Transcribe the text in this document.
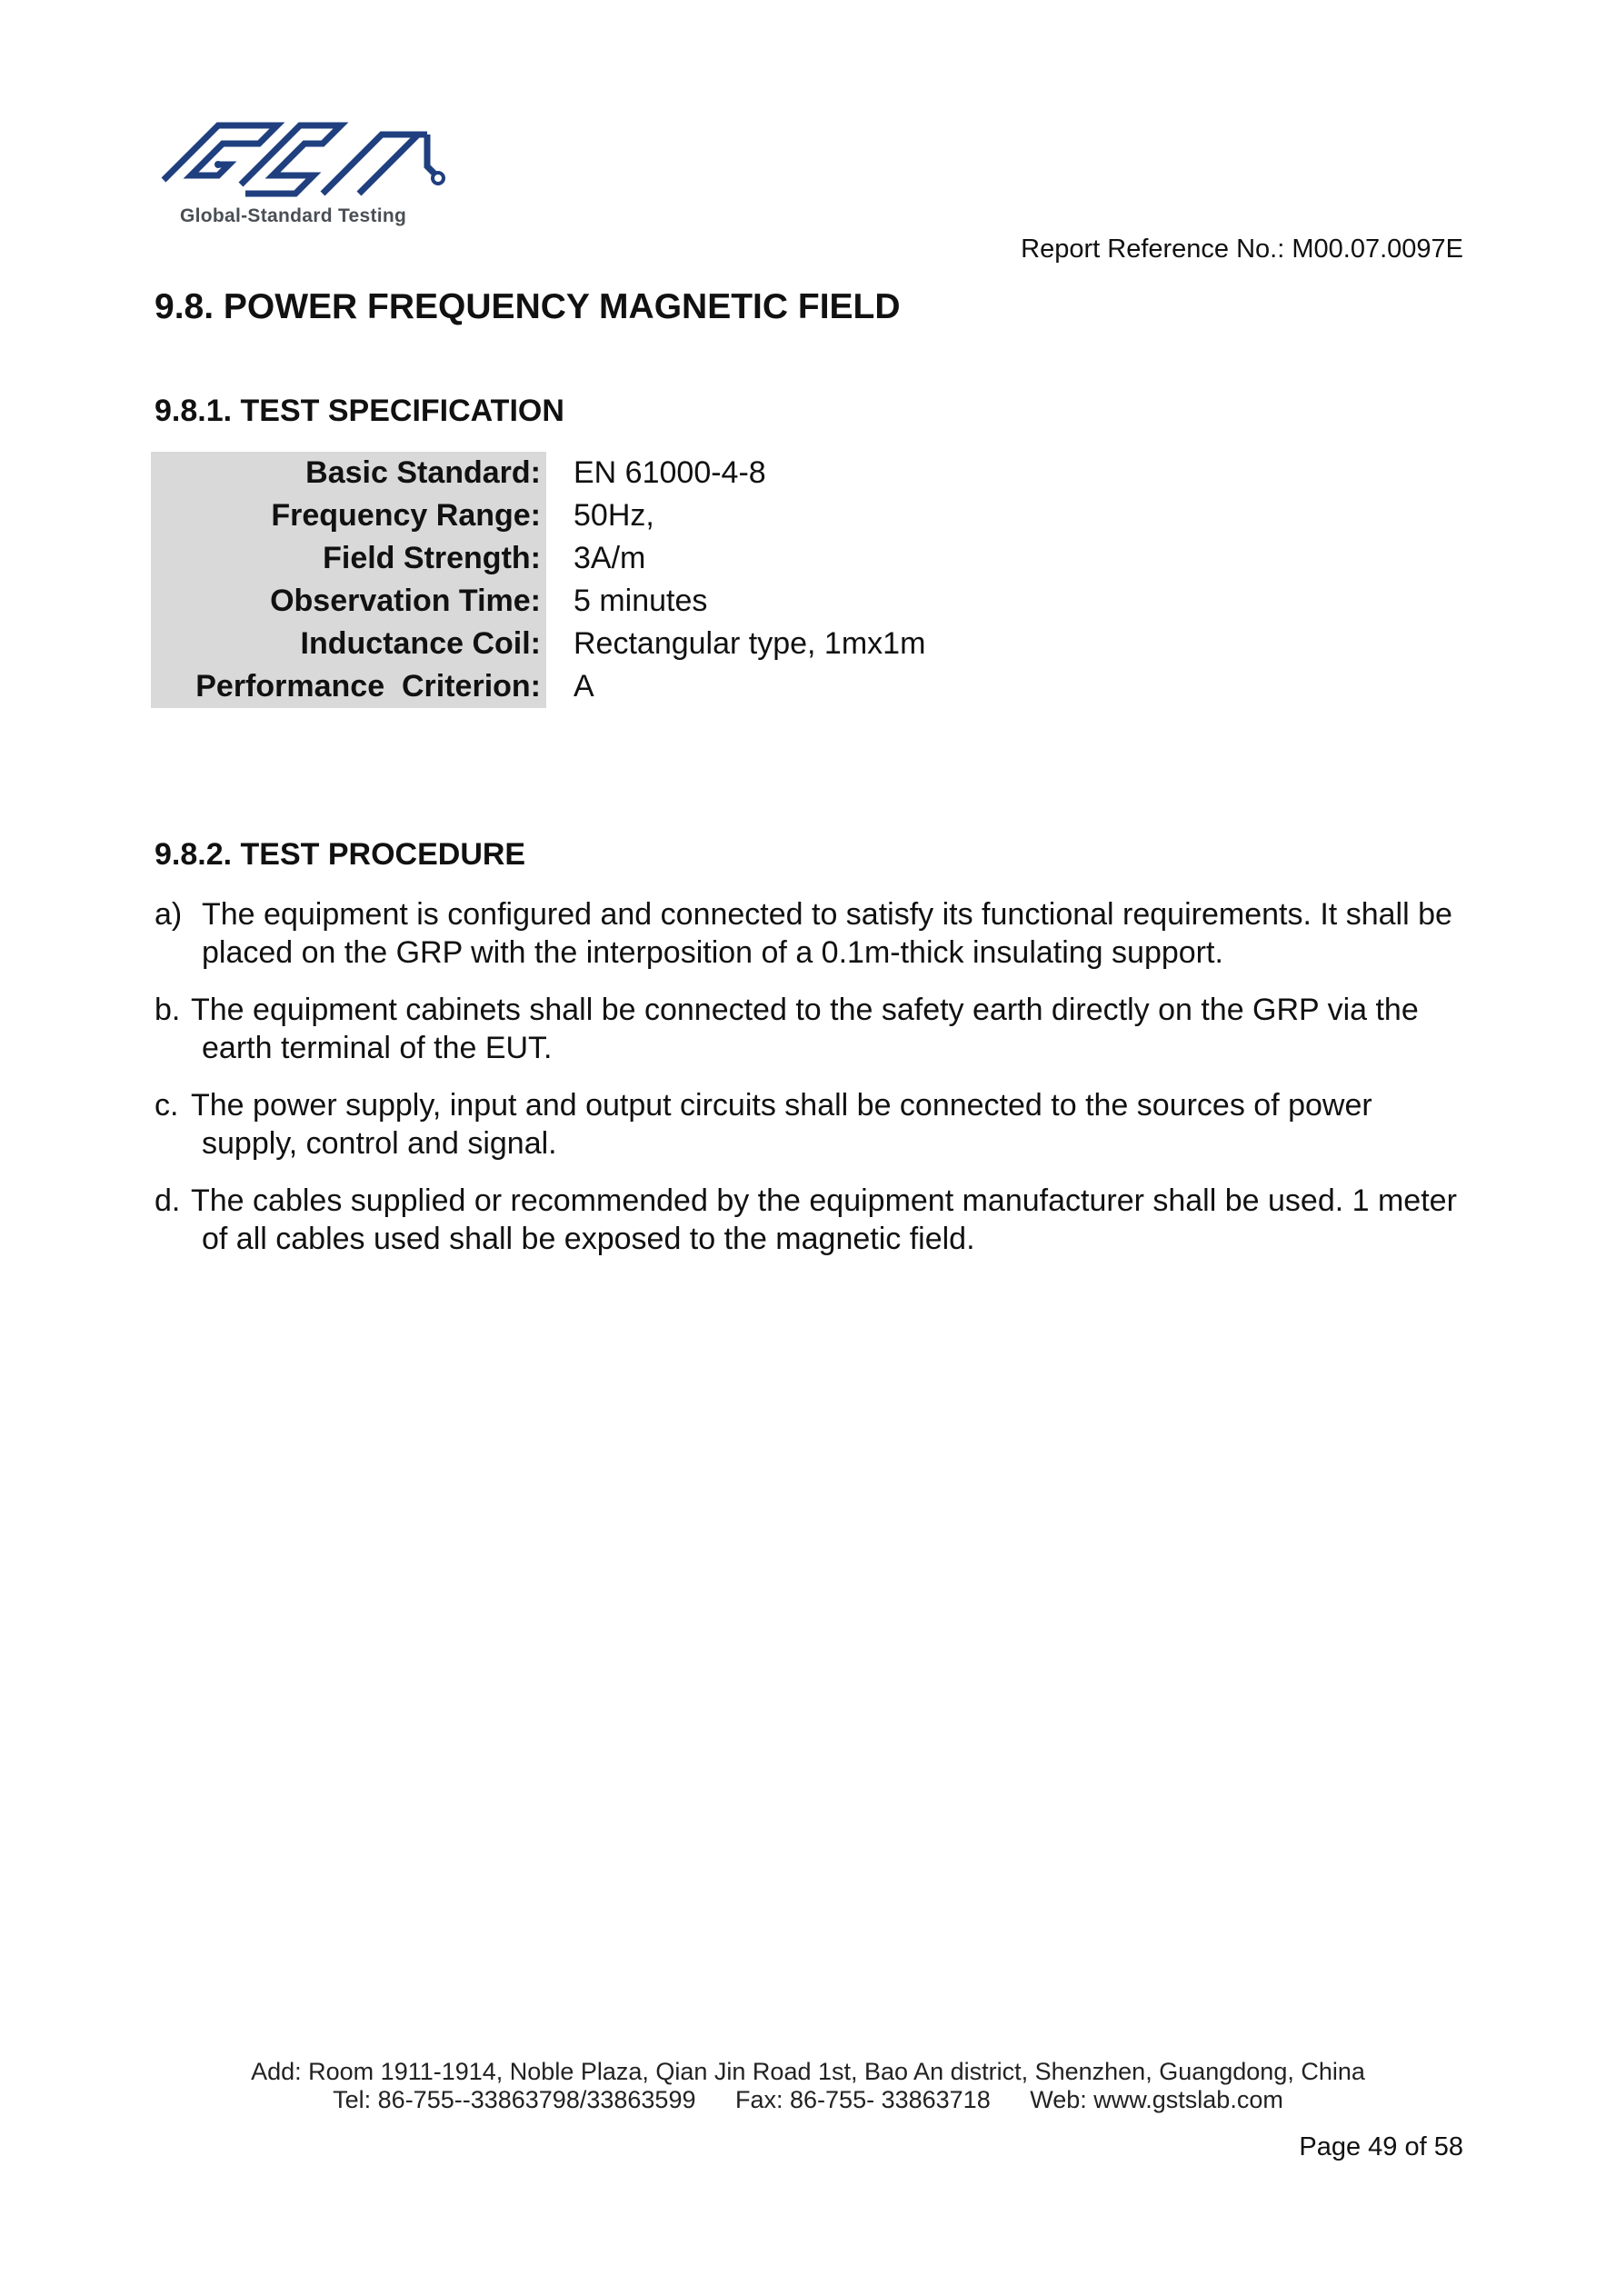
Global-Standard Testing
Report Reference No.: M00.07.0097E
9.8. POWER FREQUENCY MAGNETIC FIELD
9.8.1. TEST SPECIFICATION
Basic Standard:	EN 61000-4-8
Frequency Range:	50Hz,
Field Strength:	3A/m
Observation Time:	5 minutes
Inductance Coil:	Rectangular type, 1mx1m
Performance  Criterion:	A
9.8.2. TEST PROCEDURE
a) The equipment is configured and connected to satisfy its functional requirements. It shall be placed on the GRP with the interposition of a 0.1m-thick insulating support.
b. The equipment cabinets shall be connected to the safety earth directly on the GRP via the earth terminal of the EUT.
c. The power supply, input and output circuits shall be connected to the sources of power supply, control and signal.
d. The cables supplied or recommended by the equipment manufacturer shall be used. 1 meter of all cables used shall be exposed to the magnetic field.
Add: Room 1911-1914, Noble Plaza, Qian Jin Road 1st, Bao An district, Shenzhen, Guangdong, China
Tel: 86-755--33863798/33863599 Fax: 86-755- 33863718 Web: www.gstslab.com
Page 49 of 58
